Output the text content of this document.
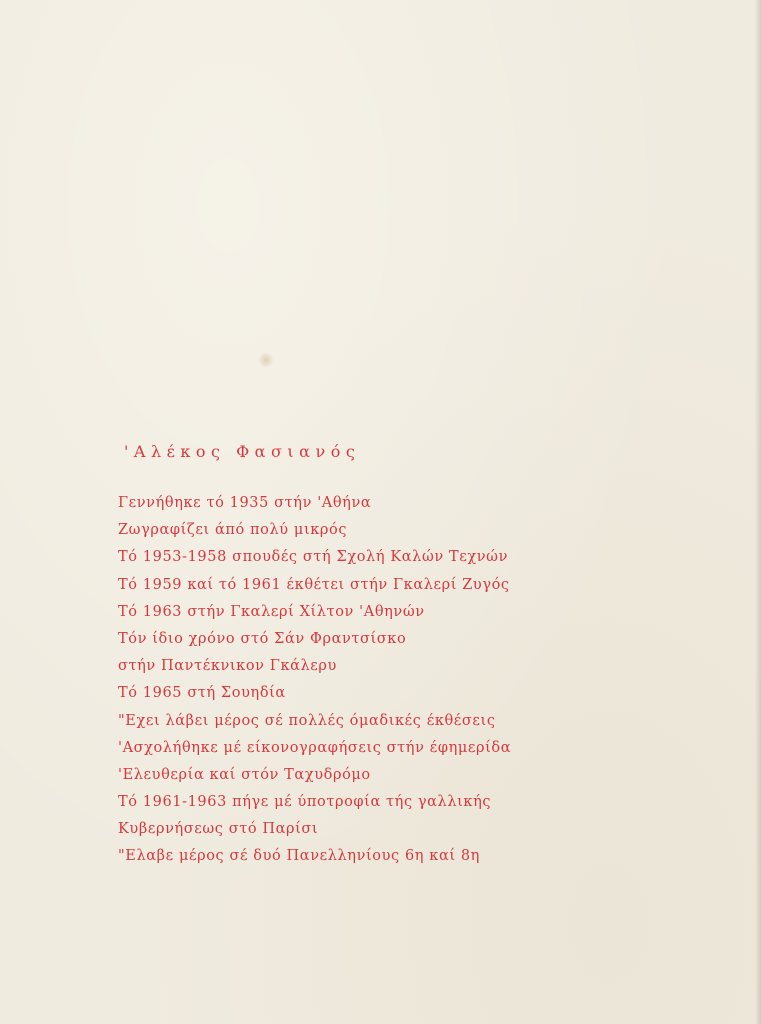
'Αλέκος Φασιανός
Γεννήθηκε τό 1935 στήν 'Αθήνα
Ζωγραφίζει άπό πολύ μικρός
Τό 1953-1958 σπουδές στή Σχολή Καλών Τεχνών
Τό 1959 καί τό 1961 έκθέτει στήν Γκαλερί Ζυγός
Τό 1963 στήν Γκαλερί Χίλτον 'Αθηνών
Τόν ίδιο χρόνο στό Σάν Φραντσίσκο
στήν Παντέκνικον Γκάλερυ
Τό 1965 στή Σουηδία
"Εχει λάβει μέρος σέ πολλές όμαδικές έκθέσεις
'Ασχολήθηκε μέ είκονογραφήσεις στήν έφημερίδα
'Ελευθερία καί στόν Ταχυδρόμο
Τό 1961-1963 πήγε μέ ύποτροφία τής γαλλικής
Κυβερνήσεως στό Παρίσι
"Ελαβε μέρος σέ δυό Πανελληνίους 6η καί 8η
